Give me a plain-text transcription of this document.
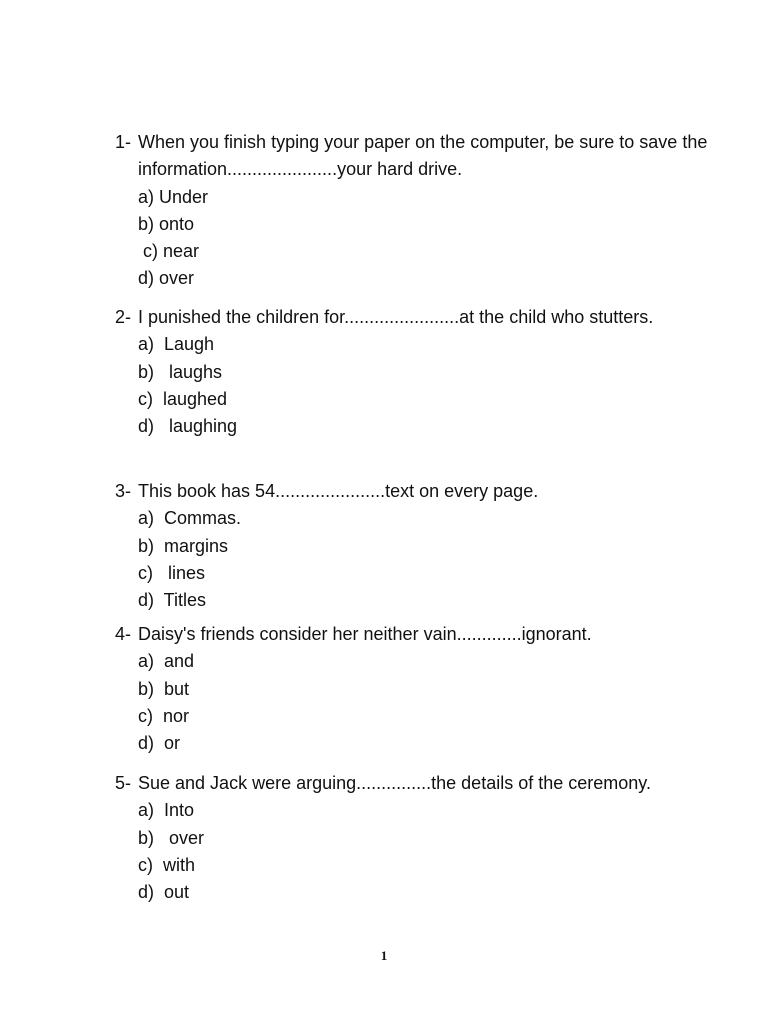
1- When you finish typing your paper on the computer, be sure to save the information......................your hard drive.
a) Under
b) onto
c) near
d) over
2- I punished the children for.......................at the child who stutters.
a)  Laugh
b)   laughs
c)  laughed
d)   laughing
3- This book has 54......................text on every page.
a)  Commas.
b)  margins
c)   lines
d)  Titles
4- Daisy's friends consider her neither vain.............ignorant.
a)  and
b)  but
c)  nor
d)  or
5- Sue and Jack were arguing...............the details of the ceremony.
a)  Into
b)   over
c)  with
d)  out
1
